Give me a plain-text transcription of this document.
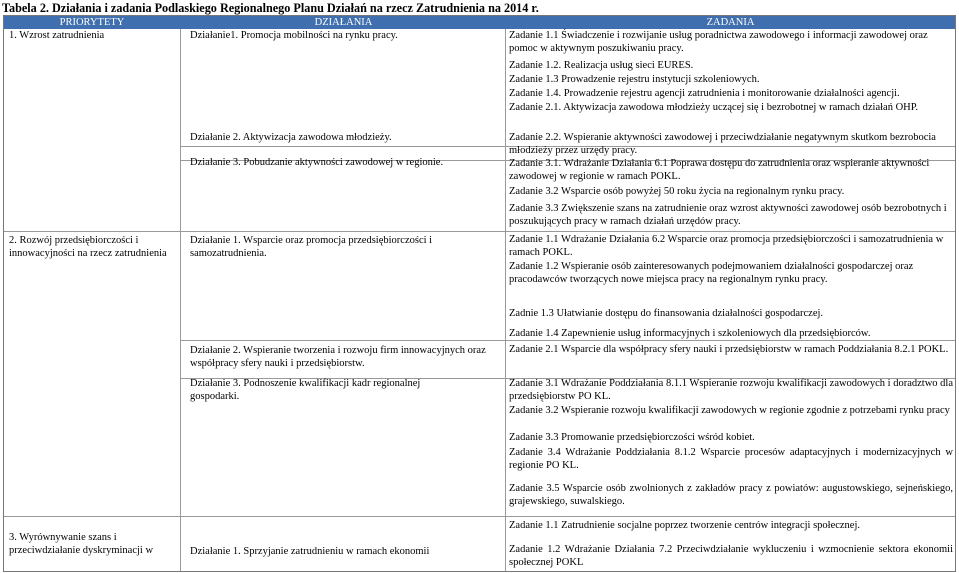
Tabela 2. Działania i zadania Podlaskiego Regionalnego Planu Działań na rzecz Zatrudnienia na 2014 r.
PRIORYTETY	DZIAŁANIA	ZADANIA
1. Wzrost zatrudnienia
2. Rozwój przedsiębiorczości i innowacyjności na rzecz zatrudnienia
3. Wyrównywanie szans i przeciwdziałanie dyskryminacji w
Działanie1. Promocja mobilności na rynku pracy.
Działanie 2. Aktywizacja zawodowa młodzieży.
Działanie 3. Pobudzanie aktywności zawodowej w regionie.
Działanie 1. Wsparcie oraz promocja przedsiębiorczości i samozatrudnienia.
Działanie 2. Wspieranie tworzenia i rozwoju firm innowacyjnych oraz współpracy sfery nauki i przedsiębiorstw.
Działanie 3. Podnoszenie kwalifikacji kadr regionalnej gospodarki.
Działanie 1. Sprzyjanie zatrudnieniu w ramach ekonomii
Zadanie 1.1 Świadczenie i rozwijanie usług poradnictwa zawodowego i informacji zawodowej oraz pomoc w aktywnym poszukiwaniu pracy.
Zadanie 1.2. Realizacja usług sieci EURES.
Zadanie 1.3 Prowadzenie rejestru instytucji szkoleniowych.
Zadanie 1.4. Prowadzenie rejestru agencji zatrudnienia i monitorowanie działalności agencji.
Zadanie 2.1. Aktywizacja zawodowa młodzieży uczącej się i bezrobotnej w ramach działań OHP.
Zadanie 2.2. Wspieranie aktywności zawodowej i przeciwdziałanie negatywnym skutkom bezrobocia młodzieży przez urzędy pracy.
Zadanie 3.1. Wdrażanie Działania 6.1 Poprawa dostępu do zatrudnienia oraz wspieranie aktywności zawodowej w regionie w ramach POKL.
Zadanie 3.2 Wsparcie osób powyżej 50 roku życia na regionalnym rynku pracy.
Zadanie 3.3 Zwiększenie szans na zatrudnienie oraz wzrost aktywności zawodowej osób bezrobotnych i poszukujących pracy w ramach działań urzędów pracy.
Zadanie 1.1 Wdrażanie Działania 6.2 Wsparcie oraz promocja przedsiębiorczości i samozatrudnienia w ramach POKL.
Zadanie 1.2 Wspieranie osób zainteresowanych podejmowaniem działalności gospodarczej oraz pracodawców tworzących nowe miejsca pracy na regionalnym rynku pracy.
Zadnie 1.3 Ułatwianie dostępu do finansowania działalności gospodarczej.
Zadanie 1.4 Zapewnienie usług informacyjnych i szkoleniowych dla przedsiębiorców.
Zadanie 2.1 Wsparcie dla współpracy sfery nauki i przedsiębiorstw w ramach Poddziałania 8.2.1 POKL.
Zadanie 3.1 Wdrażanie Poddziałania 8.1.1 Wspieranie rozwoju kwalifikacji zawodowych i doradztwo dla przedsiębiorstw PO KL.
Zadanie 3.2 Wspieranie rozwoju kwalifikacji zawodowych w regionie zgodnie z potrzebami rynku pracy
Zadanie 3.3 Promowanie przedsiębiorczości wśród kobiet.
Zadanie 3.4 Wdrażanie Poddziałania 8.1.2 Wsparcie procesów adaptacyjnych i modernizacyjnych w regionie PO KL.
Zadanie 3.5 Wsparcie osób zwolnionych z zakładów pracy z powiatów: augustowskiego, sejneńskiego, grajewskiego, suwalskiego.
Zadanie 1.1 Zatrudnienie socjalne poprzez tworzenie centrów integracji społecznej.
Zadanie 1.2 Wdrażanie Działania 7.2 Przeciwdziałanie wykluczeniu i wzmocnienie sektora ekonomii społecznej POKL
